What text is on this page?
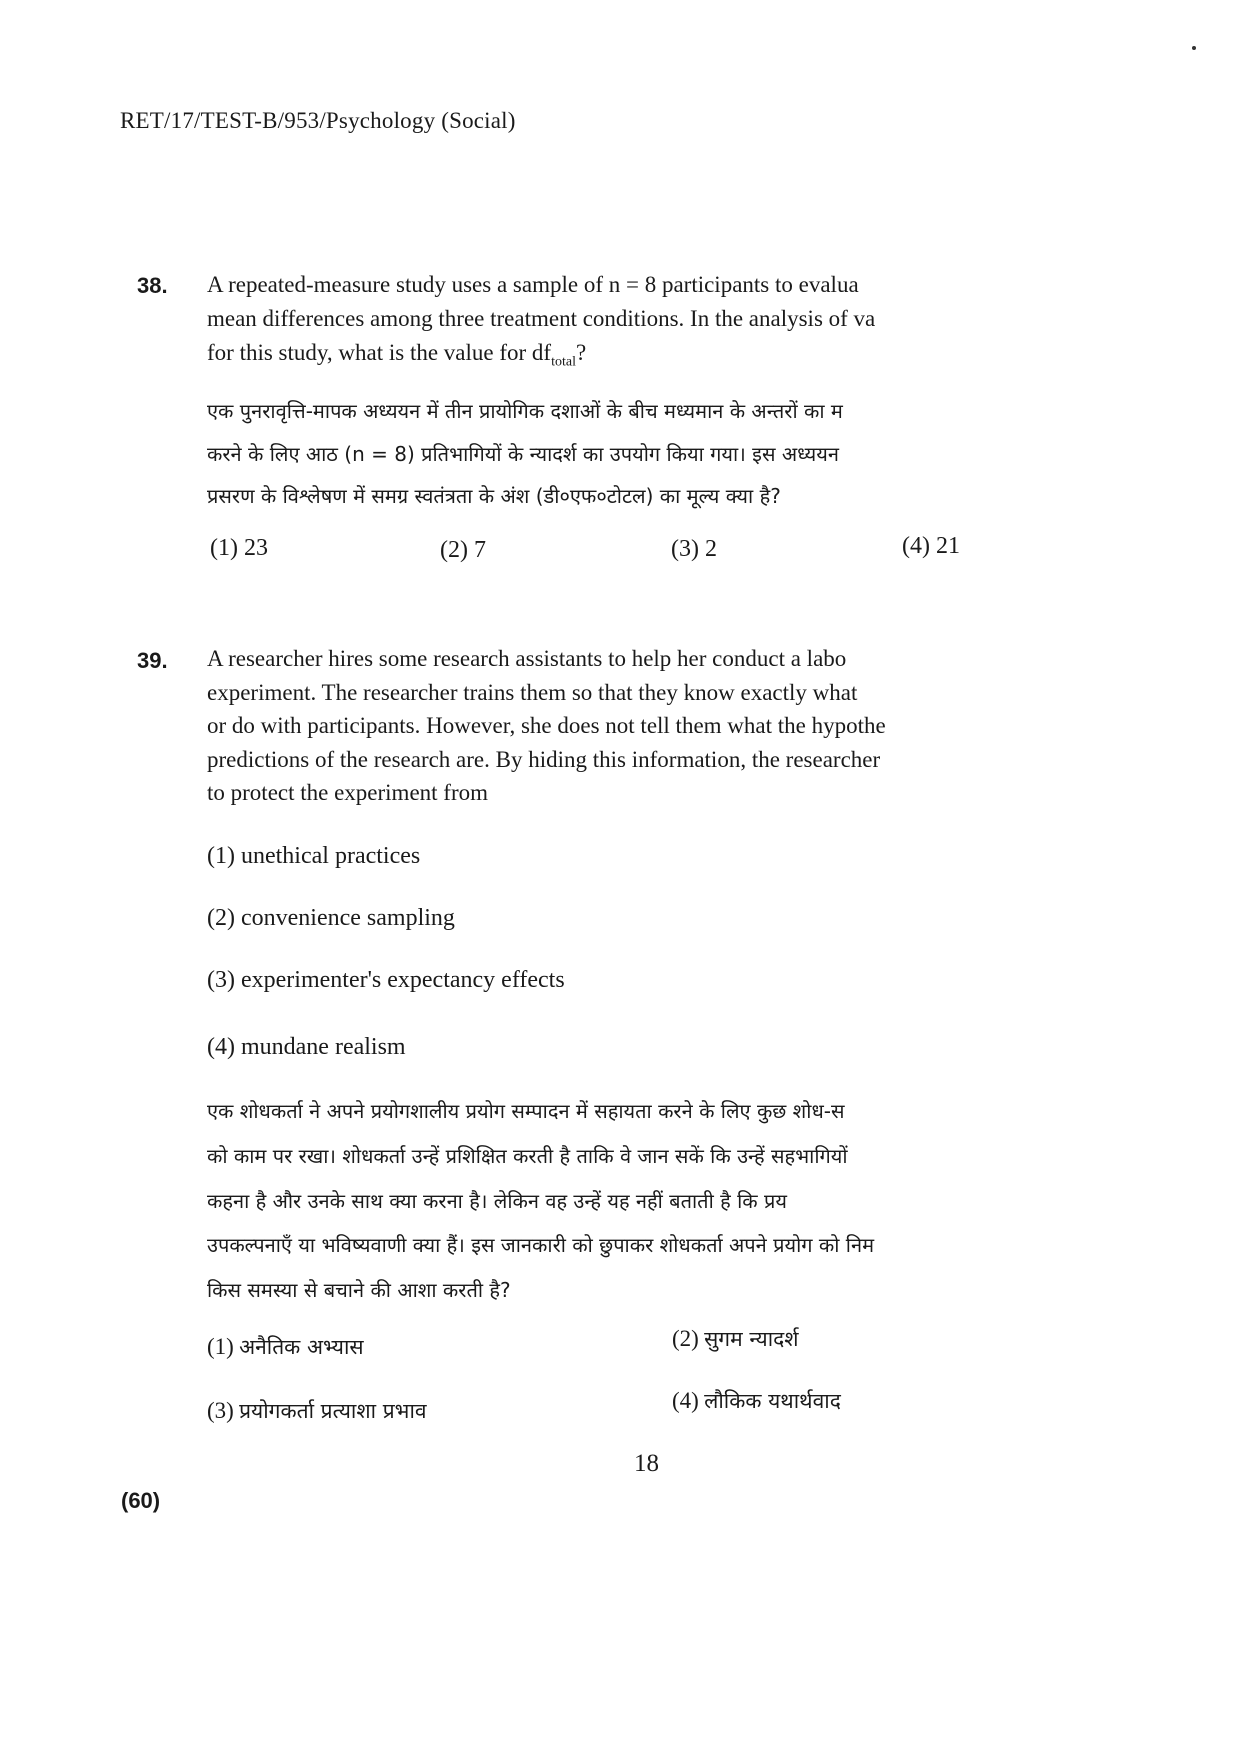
RET/17/TEST-B/953/Psychology (Social)
38. A repeated-measure study uses a sample of n = 8 participants to evalua
mean differences among three treatment conditions. In the analysis of va
for this study, what is the value for $df_{total}$?
एक पुनरावृत्ति-मापक अध्ययन में तीन प्रायोगिक दशाओं के बीच मध्यमान के अन्तरों का म
करने के लिए आठ (n = 8) प्रतिभागियों के न्यादर्श का उपयोग किया गया। इस अध्ययन
प्रसरण के विश्लेषण में समग्र स्वतंत्रता के अंश (डी०एफ०टोटल) का मूल्य क्या है?
(1) 23	(2) 7	(3) 2	(4) 21
39. A researcher hires some research assistants to help her conduct a labo
experiment. The researcher trains them so that they know exactly what
or do with participants. However, she does not tell them what the hypothe
predictions of the research are. By hiding this information, the researcher
to protect the experiment from
(1) unethical practices
(2) convenience sampling
(3) experimenter's expectancy effects
(4) mundane realism
एक शोधकर्ता ने अपने प्रयोगशालीय प्रयोग सम्पादन में सहायता करने के लिए कुछ शोध-स
को काम पर रखा। शोधकर्ता उन्हें प्रशिक्षित करती है ताकि वे जान सकें कि उन्हें सहभागियों
कहना है और उनके साथ क्या करना है। लेकिन वह उन्हें यह नहीं बताती है कि प्रय
उपकल्पनाएँ या भविष्यवाणी क्या हैं। इस जानकारी को छुपाकर शोधकर्ता अपने प्रयोग को निम
किस समस्या से बचाने की आशा करती है?
(1) अनैतिक अभ्यास	(2) सुगम न्यादर्श
(3) प्रयोगकर्ता प्रत्याशा प्रभाव	(4) लौकिक यथार्थवाद
18
(60)
